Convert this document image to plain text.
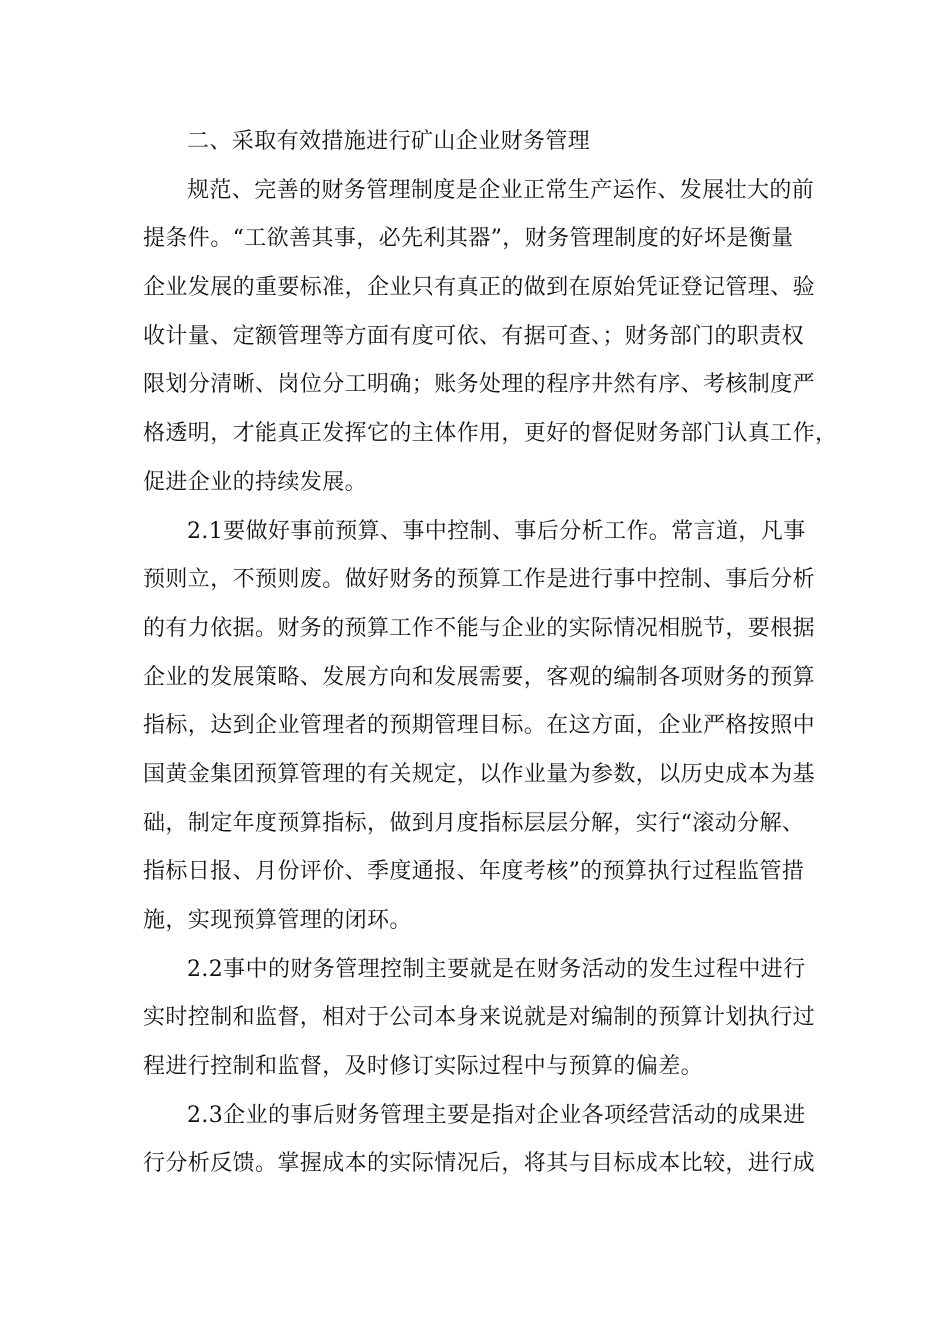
二、采取有效措施进行矿山企业财务管理
规范、完善的财务管理制度是企业正常生产运作、发展壮大的前
提条件。“工欲善其事，必先利其器”，财务管理制度的好坏是衡量
企业发展的重要标准，企业只有真正的做到在原始凭证登记管理、验
收计量、定额管理等方面有度可依、有据可查、；财务部门的职责权
限划分清晰、岗位分工明确；账务处理的程序井然有序、考核制度严
格透明，才能真正发挥它的主体作用，更好的督促财务部门认真工作，
促进企业的持续发展。
2.1要做好事前预算、事中控制、事后分析工作。常言道，凡事
预则立，不预则废。做好财务的预算工作是进行事中控制、事后分析
的有力依据。财务的预算工作不能与企业的实际情况相脱节，要根据
企业的发展策略、发展方向和发展需要，客观的编制各项财务的预算
指标，达到企业管理者的预期管理目标。在这方面，企业严格按照中
国黄金集团预算管理的有关规定，以作业量为参数，以历史成本为基
础，制定年度预算指标，做到月度指标层层分解，实行“滚动分解、
指标日报、月份评价、季度通报、年度考核”的预算执行过程监管措
施，实现预算管理的闭环。
2.2事中的财务管理控制主要就是在财务活动的发生过程中进行
实时控制和监督，相对于公司本身来说就是对编制的预算计划执行过
程进行控制和监督，及时修订实际过程中与预算的偏差。
2.3企业的事后财务管理主要是指对企业各项经营活动的成果进
行分析反馈。掌握成本的实际情况后，将其与目标成本比较，进行成
